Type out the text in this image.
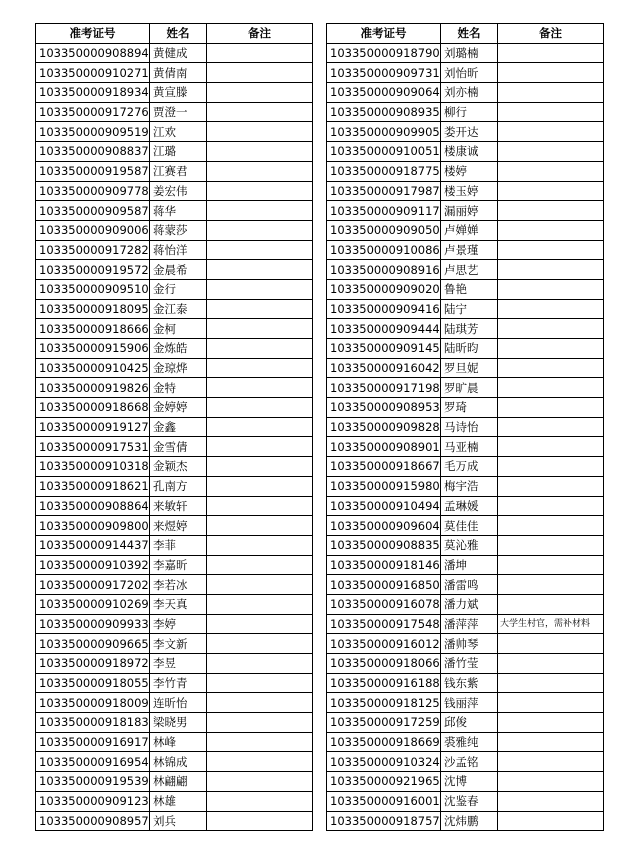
准考证号	姓名	备注
103350000908894	黄健成	
103350000910271	黄倩南	
103350000918934	黄宣滕	
103350000917276	贾澄一	
103350000909519	江欢	
103350000908837	江璐	
103350000919587	江赛君	
103350000909778	姜宏伟	
103350000909587	蒋华	
103350000909006	蒋蒙莎	
103350000917282	蒋怡洋	
103350000919572	金晨希	
103350000909510	金行	
103350000918095	金江泰	
103350000918666	金柯	
103350000915906	金炼皓	
103350000910425	金琼烨	
103350000919826	金特	
103350000918668	金婷婷	
103350000919127	金鑫	
103350000917531	金雪倩	
103350000910318	金颖杰	
103350000918621	孔南方	
103350000908864	来敏轩	
103350000909800	来煜婷	
103350000914437	李菲	
103350000910392	李嘉昕	
103350000917202	李若冰	
103350000910269	李天真	
103350000909933	李婷	
103350000909665	李文新	
103350000918972	李昱	
103350000918055	李竹青	
103350000918009	连昕怡	
103350000918183	梁晓男	
103350000916917	林峰	
103350000916954	林锦成	
103350000919539	林翩翩	
103350000909123	林雄	
103350000908957	刘兵	
准考证号	姓名	备注
103350000918790	刘璐楠	
103350000909731	刘怡昕	
103350000909064	刘亦楠	
103350000908935	柳行	
103350000909905	娄开达	
103350000910051	楼康诚	
103350000918775	楼婷	
103350000917987	楼玉婷	
103350000909117	漏丽婷	
103350000909050	卢婵婵	
103350000910086	卢景瑾	
103350000908916	卢思艺	
103350000909020	鲁艳	
103350000909416	陆宁	
103350000909444	陆琪芳	
103350000909145	陆昕昀	
103350000916042	罗旦妮	
103350000917198	罗旷晨	
103350000908953	罗琦	
103350000909828	马诗怡	
103350000908901	马亚楠	
103350000918667	毛万成	
103350000915980	梅宇浩	
103350000910494	孟琳媛	
103350000909604	莫佳佳	
103350000908835	莫沁雅	
103350000918146	潘坤	
103350000916850	潘雷鸣	
103350000916078	潘力斌	
103350000917548	潘萍萍	大学生村官，需补材料
103350000916012	潘帅琴	
103350000918066	潘竹莹	
103350000916188	钱东紫	
103350000918125	钱丽萍	
103350000917259	邱俊	
103350000918669	裘雅纯	
103350000910324	沙孟铭	
103350000921965	沈博	
103350000916001	沈鉴春	
103350000918757	沈炜鹏	
